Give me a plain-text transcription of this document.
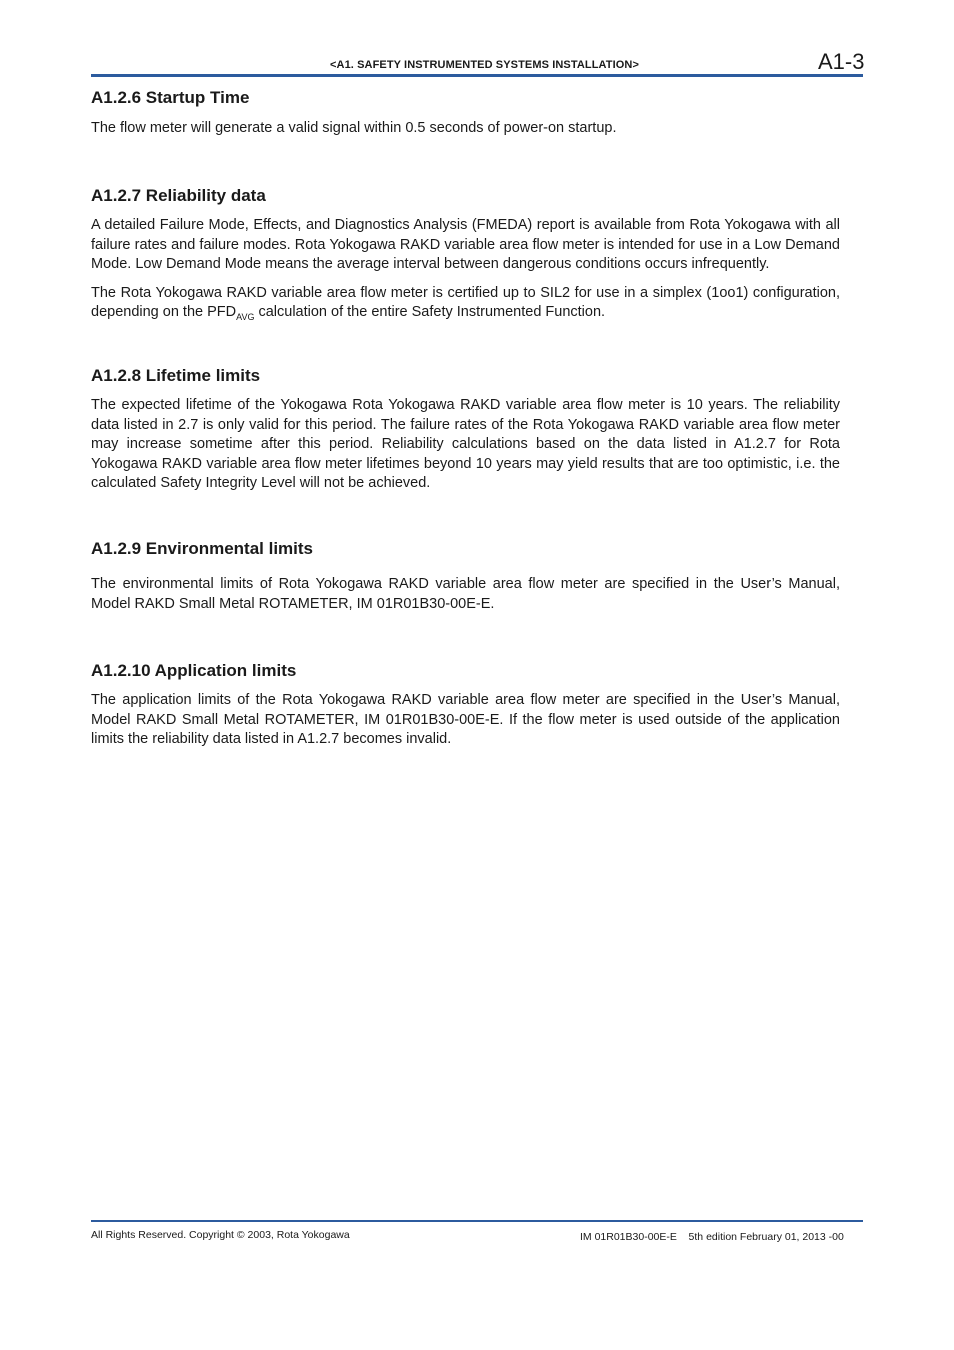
<A1. SAFETY INSTRUMENTED SYSTEMS INSTALLATION>	A1-3
A1.2.6 Startup Time

The flow meter will generate a valid signal within 0.5 seconds of power-on startup.

A1.2.7 Reliability data

A detailed Failure Mode, Effects, and Diagnostics Analysis (FMEDA) report is available from Rota Yokogawa with all failure rates and failure modes. Rota Yokogawa RAKD variable area flow meter is intended for use in a Low Demand Mode. Low Demand Mode means the average interval between dangerous conditions occurs infrequently.

The Rota Yokogawa RAKD variable area flow meter is certified up to SIL2 for use in a simplex (1oo1) configuration, depending on the $PFD_{AVG}$ calculation of the entire Safety Instrumented Function.

A1.2.8 Lifetime limits

The expected lifetime of the Yokogawa Rota Yokogawa RAKD variable area flow meter is 10 years. The reliability data listed in 2.7 is only valid for this period. The failure rates of the Rota Yokogawa RAKD variable area flow meter may increase sometime after this period. Reliability calculations based on the data listed in A1.2.7 for Rota Yokogawa RAKD variable area flow meter lifetimes beyond 10 years may yield results that are too optimistic, i.e. the calculated Safety Integrity Level will not be achieved.

A1.2.9 Environmental limits

The environmental limits of Rota Yokogawa RAKD variable area flow meter are specified in the User’s Manual, Model RAKD Small Metal ROTAMETER, IM 01R01B30-00E-E.

A1.2.10 Application limits

The application limits of the Rota Yokogawa RAKD variable area flow meter are specified in the User’s Manual, Model RAKD Small Metal ROTAMETER, IM 01R01B30-00E-E. If the flow meter is used outside of the application limits the reliability data listed in A1.2.7 becomes invalid.

All Rights Reserved. Copyright © 2003, Rota Yokogawa	IM 01R01B30-00E-E    5th edition February 01, 2013 -00
